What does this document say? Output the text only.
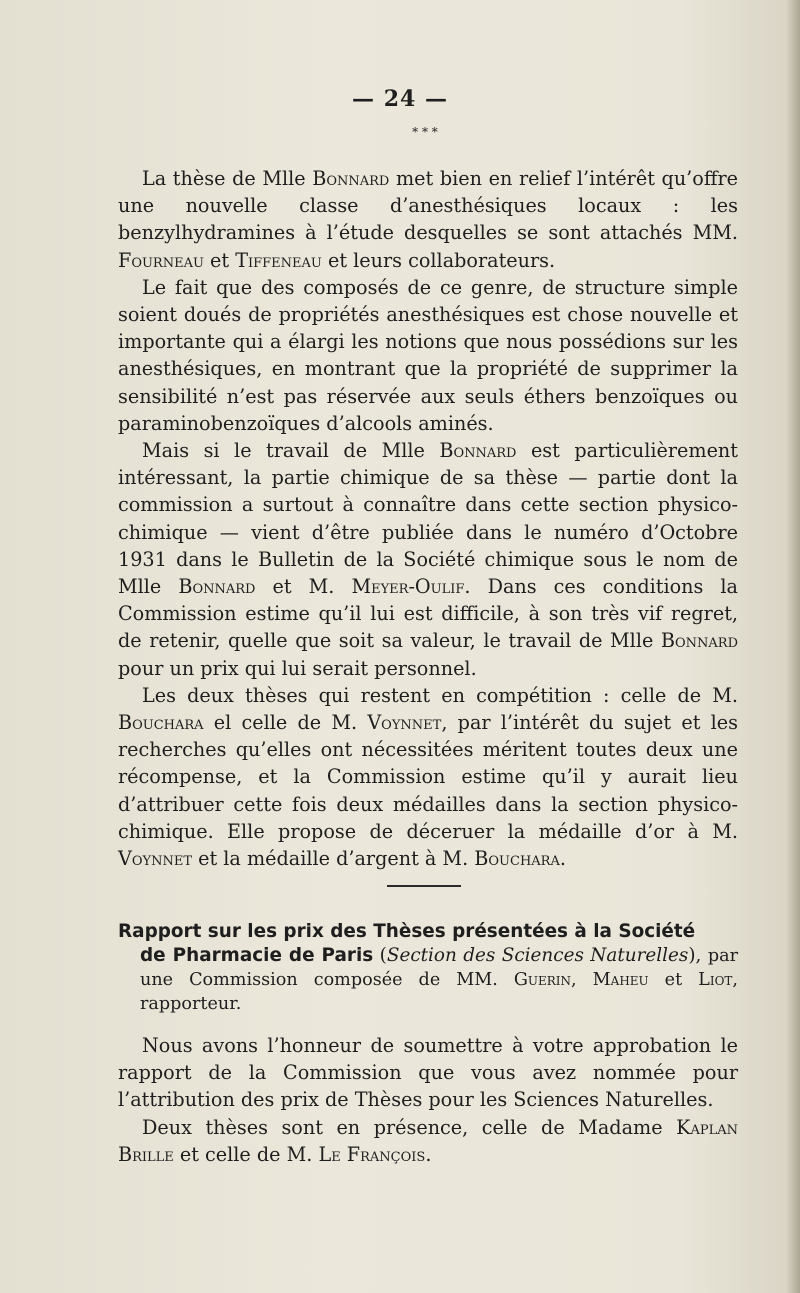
— 24 —
* * *

La thèse de Mlle Bonnard met bien en relief l’intérêt qu’offre une nouvelle classe d’anesthésiques locaux : les benzylhydramines à l’étude desquelles se sont attachés MM. Fourneau et Tiffeneau et leurs collaborateurs.

Le fait que des composés de ce genre, de structure simple soient doués de propriétés anesthésiques est chose nouvelle et importante qui a élargi les notions que nous possédions sur les anesthésiques, en montrant que la propriété de supprimer la sensibilité n’est pas réservée aux seuls éthers benzoïques ou paraminobenzoïques d’alcools aminés.

Mais si le travail de Mlle Bonnard est particulièrement intéressant, la partie chimique de sa thèse — partie dont la commission a surtout à connaître dans cette section physico-chimique — vient d’être publiée dans le numéro d’Octobre 1931 dans le Bulletin de la Société chimique sous le nom de Mlle Bonnard et M. Meyer-Oulif. Dans ces conditions la Commission estime qu’il lui est difficile, à son très vif regret, de retenir, quelle que soit sa valeur, le travail de Mlle Bonnard pour un prix qui lui serait personnel.

Les deux thèses qui restent en compétition : celle de M. Bouchara el celle de M. Voynnet, par l’intérêt du sujet et les recherches qu’elles ont nécessitées méritent toutes deux une récompense, et la Commission estime qu’il y aurait lieu d’attribuer cette fois deux médailles dans la section physico-chimique. Elle propose de déceruer la médaille d’or à M. Voynnet et la médaille d’argent à M. Bouchara.

Rapport sur les prix des Thèses présentées à la Société
de Pharmacie de Paris (Section des Sciences Naturelles), par une Commission composée de MM. Guerin, Maheu et Liot, rapporteur.

Nous avons l’honneur de soumettre à votre approbation le rapport de la Commission que vous avez nommée pour l’attribution des prix de Thèses pour les Sciences Naturelles.

Deux thèses sont en présence, celle de Madame Kaplan Brille et celle de M. Le François.
